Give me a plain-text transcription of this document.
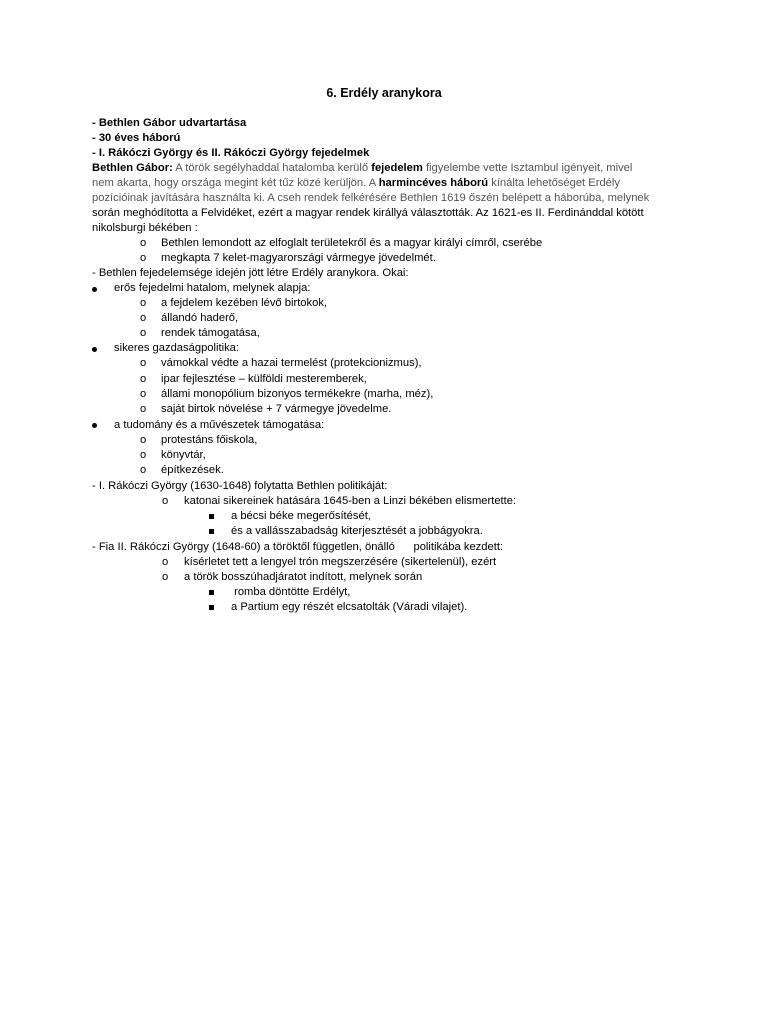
6. Erdély aranykora
- Bethlen Gábor udvartartása
- 30 éves háború
- I. Rákóczi György és II. Rákóczi György fejedelmek
Bethlen Gábor: A török segélyhaddal hatalomba kerülő fejedelem figyelembe vette Isztambul igényeit, mivel
nem akarta, hogy országa megint két tűz közé kerüljön. A harmincéves háború kínálta lehetőséget Erdély
pozícióinak javítására használta ki. A cseh rendek felkérésére Bethlen 1619 őszén belépett a háborúba, melynek
során meghódította a Felvidéket, ezért a magyar rendek királlyá választották. Az 1621-es II. Ferdinánddal kötött
nikolsburgi békében :
o Bethlen lemondott az elfoglalt területekről és a magyar királyi címről, cserébe
o megkapta 7 kelet-magyarországi vármegye jövedelmét.
- Bethlen fejedelemsége idején jött létre Erdély aranykora. Okai:
erős fejedelmi hatalom, melynek alapja:
o a fejdelem kezében lévő birtokok,
o állandó haderő,
o rendek támogatása,
sikeres gazdaságpolitika:
o vámokkal védte a hazai termelést (protekcionizmus),
o ipar fejlesztése – külföldi mesteremberek,
o állami monopólium bizonyos termékekre (marha, méz),
o saját birtok növelése + 7 vármegye jövedelme.
a tudomány és a művészetek támogatása:
o protestáns főiskola,
o könyvtár,
o építkezések.
- I. Rákóczi György (1630-1648) folytatta Bethlen politikáját:
o katonai sikereinek hatására 1645-ben a Linzi békében elismertette:
a bécsi béke megerősítését,
és a vallásszabadság kiterjesztését a jobbágyokra.
- Fia II. Rákóczi György (1648-60) a töröktől független, önálló      politikába kezdett:
o kísérletet tett a lengyel trón megszerzésére (sikertelenül), ezért
o a török bosszúhadjáratot indított, melynek során
romba döntötte Erdélyt,
a Partium egy részét elcsatolták (Váradi vilajet).
